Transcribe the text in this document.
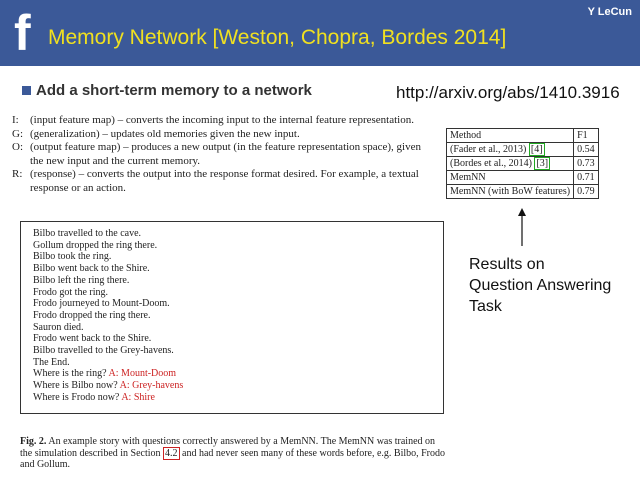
f Memory Network [Weston, Chopra, Bordes 2014]
Y LeCun
Add a short-term memory to a network	http://arxiv.org/abs/1410.3916
I: (input feature map) – converts the incoming input to the internal feature representation.
G: (generalization) – updates old memories given the new input.
O: (output feature map) – produces a new output (in the feature representation space), given the new input and the current memory.
R: (response) – converts the output into the response format desired. For example, a textual response or an action.
Bilbo travelled to the cave.
Gollum dropped the ring there.
Bilbo took the ring.
Bilbo went back to the Shire.
Bilbo left the ring there.
Frodo got the ring.
Frodo journeyed to Mount-Doom.
Frodo dropped the ring there.
Sauron died.
Frodo went back to the Shire.
Bilbo travelled to the Grey-havens.
The End.
Where is the ring? A: Mount-Doom
Where is Bilbo now? A: Grey-havens
Where is Frodo now? A: Shire
Fig. 2. An example story with questions correctly answered by a MemNN. The MemNN was trained on the simulation described in Section 4.2 and had never seen many of these words before, e.g. Bilbo, Frodo and Gollum.
Method	F1
(Fader et al., 2013) [4]	0.54
(Bordes et al., 2014) [3]	0.73
MemNN	0.71
MemNN (with BoW features)	0.79
Results on
Question Answering
Task
